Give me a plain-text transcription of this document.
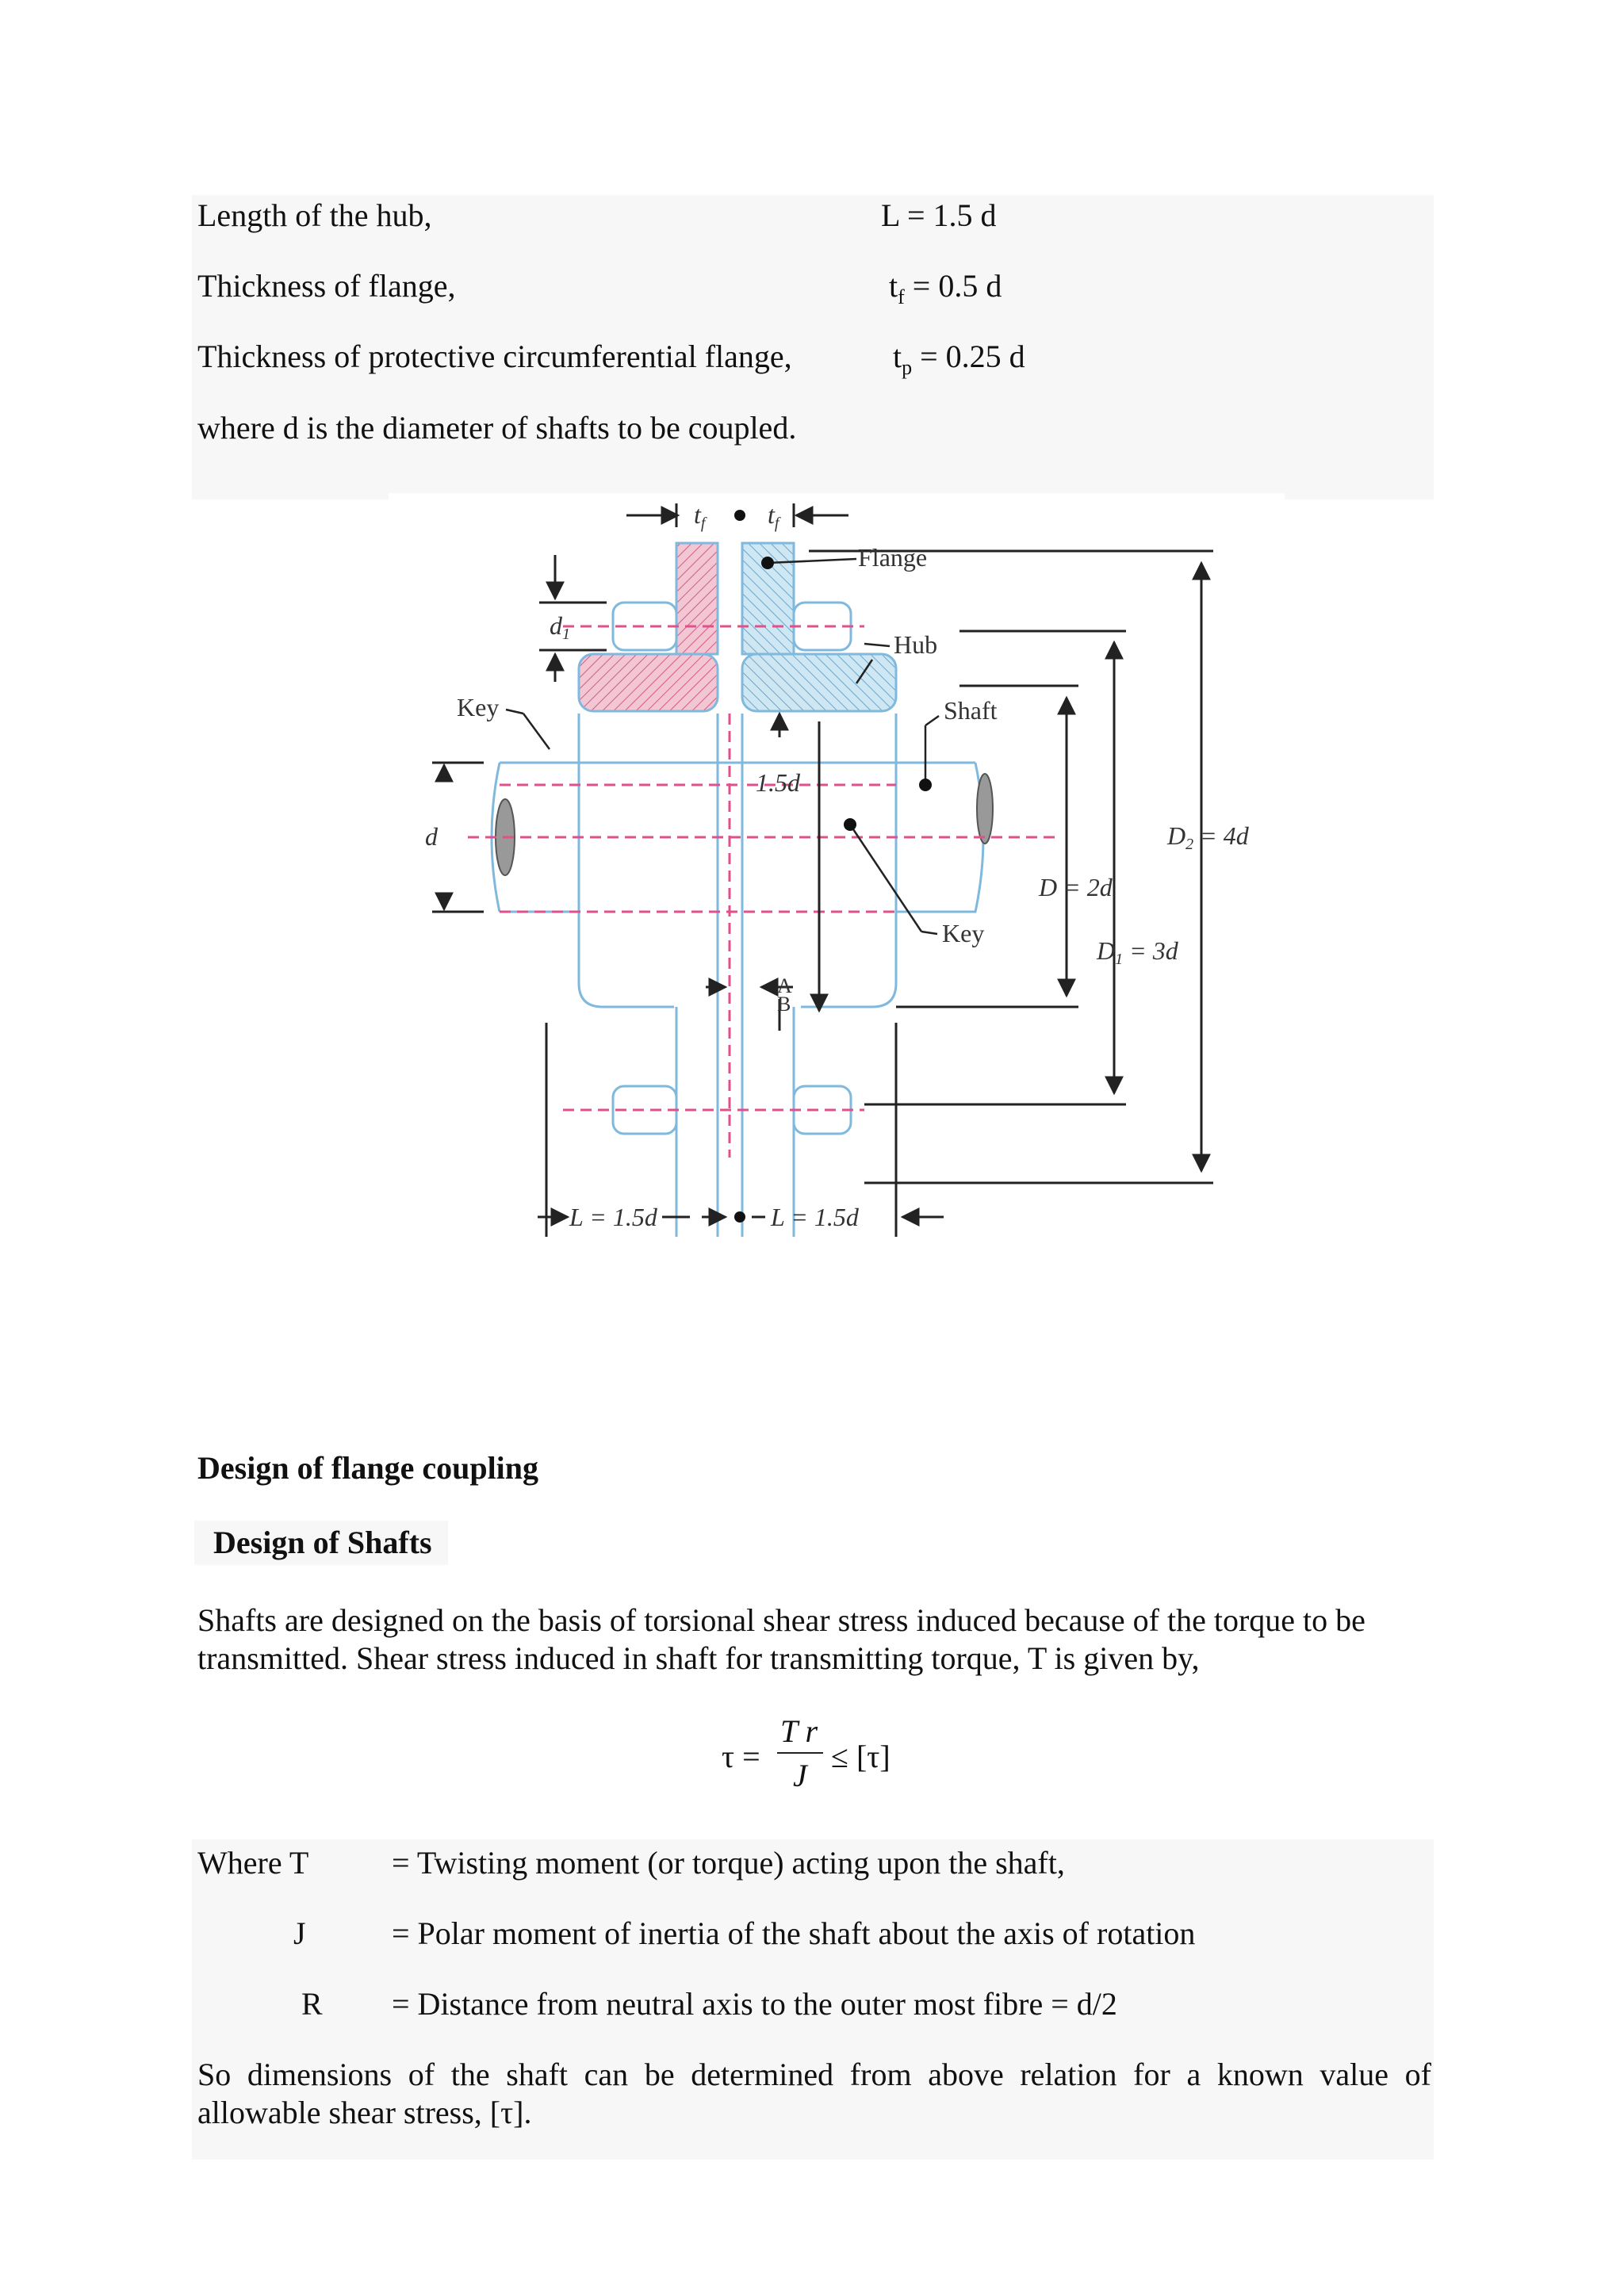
Length of the hub,	L = 1.5 d
Thickness of flange,	$t_f = 0.5$ d
Thickness of protective circumferential flange,	$t_p = 0.25$ d
where d is the diameter of shafts to be coupled.
tf tf
d1
Flange
Hub
Shaft
Key
Key
1.5d
d
D = 2d
D1 = 3d
D2 = 4d
A
B
L = 1.5d	L = 1.5d
Design of flange coupling
Design of Shafts
Shafts are designed on the basis of torsional shear stress induced because of the torque to be transmitted. Shear stress induced in shaft for transmitting torque, T is given by,
τ =
T r
J
≤ [τ]
Where T	= Twisting moment (or torque) acting upon the shaft,
J	= Polar moment of inertia of the shaft about the axis of rotation
R = Distance from neutral axis to the outer most fibre = d/2
So dimensions of the shaft can be determined from above relation for a known value of
allowable shear stress, [τ].
